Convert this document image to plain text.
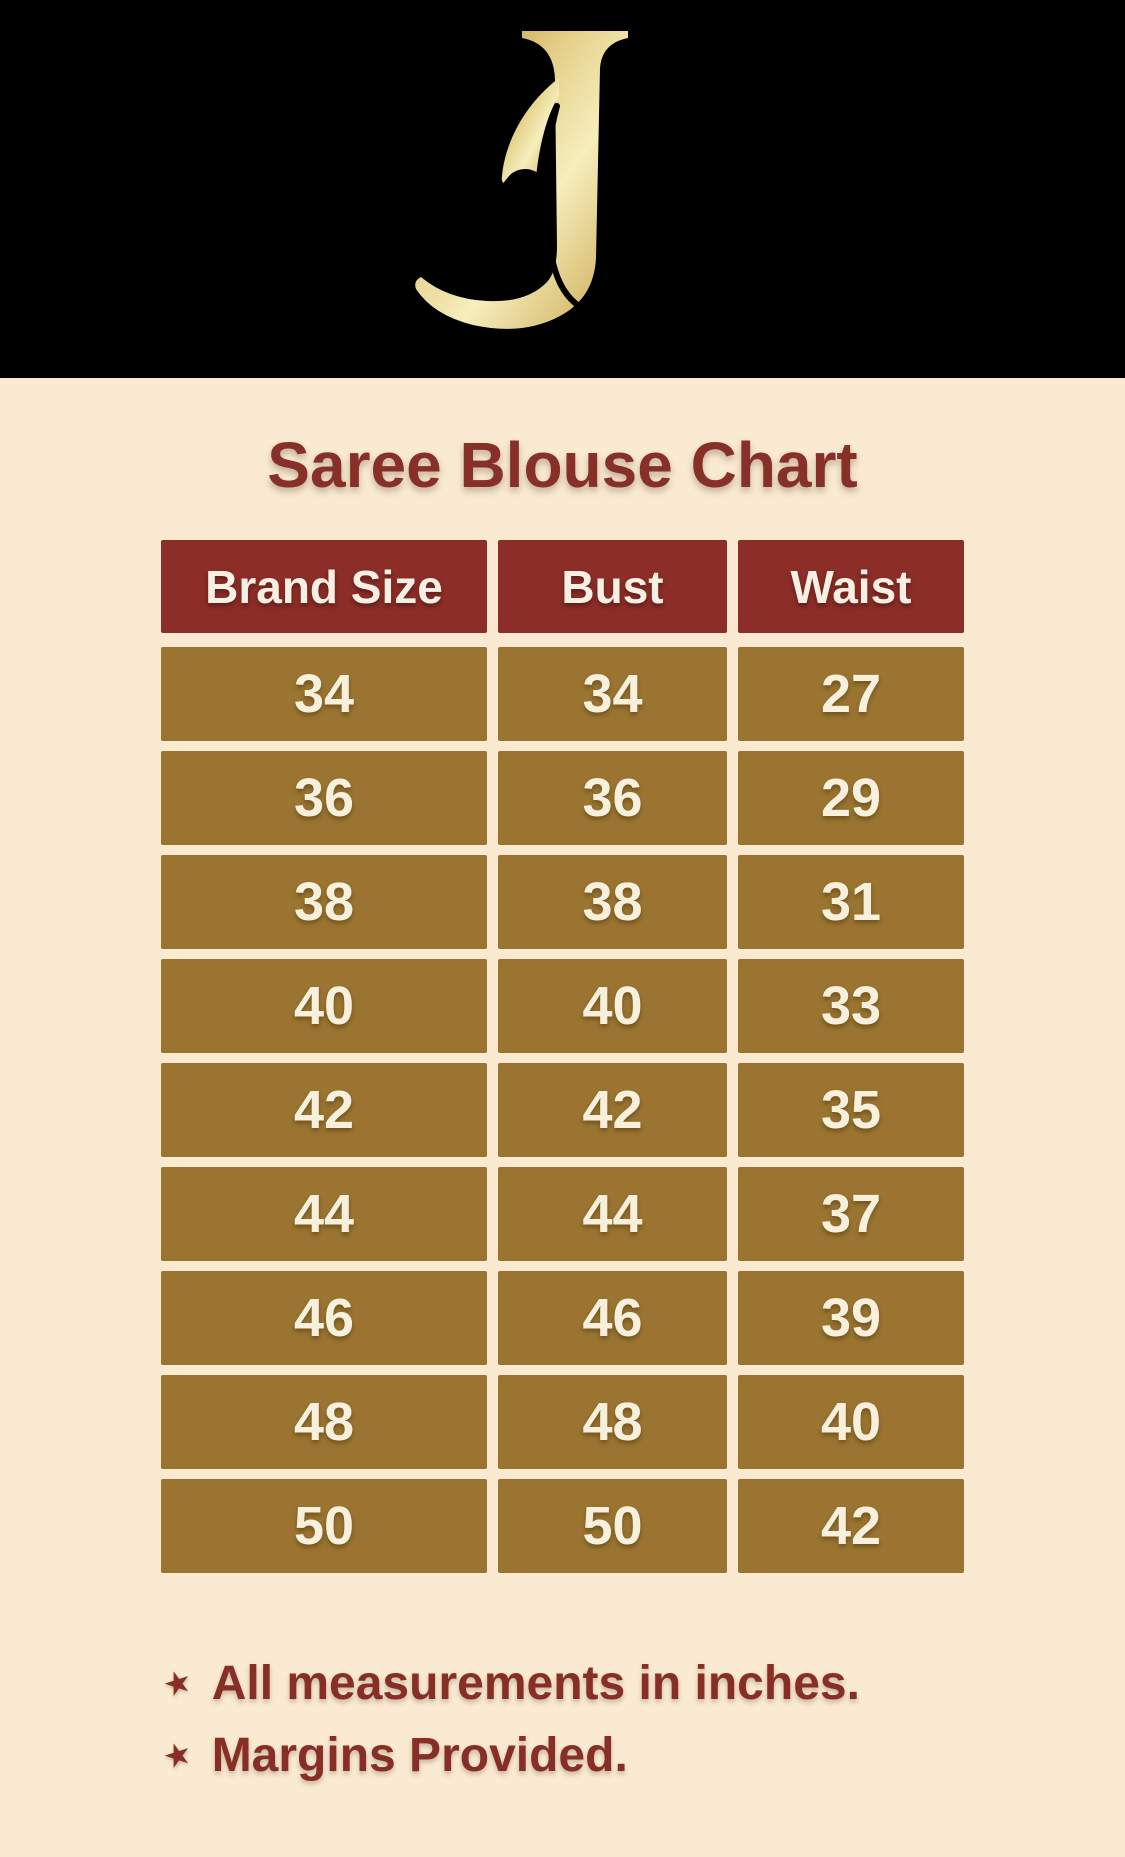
Saree Blouse Chart
Brand Size	Bust	Waist
34	34	27
36	36	29
38	38	31
40	40	33
42	42	35
44	44	37
46	46	39
48	48	40
50	50	42
★ All measurements in inches.
★ Margins Provided.
